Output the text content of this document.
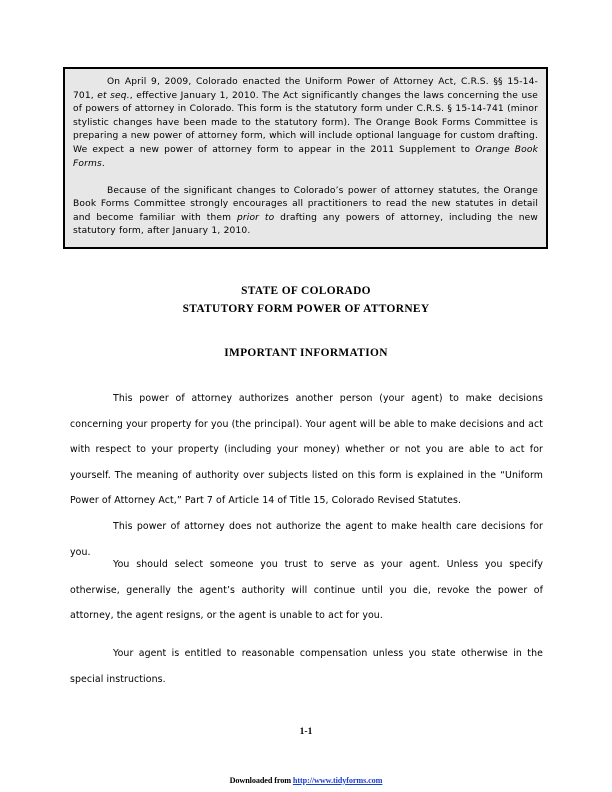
On April 9, 2009, Colorado enacted the Uniform Power of Attorney Act, C.R.S. §§ 15-14-701, et seq., effective January 1, 2010. The Act significantly changes the laws concerning the use of powers of attorney in Colorado. This form is the statutory form under C.R.S. § 15-14-741 (minor stylistic changes have been made to the statutory form). The Orange Book Forms Committee is preparing a new power of attorney form, which will include optional language for custom drafting. We expect a new power of attorney form to appear in the 2011 Supplement to Orange Book Forms.

Because of the significant changes to Colorado’s power of attorney statutes, the Orange Book Forms Committee strongly encourages all practitioners to read the new statutes in detail and become familiar with them prior to drafting any powers of attorney, including the new statutory form, after January 1, 2010.

STATE OF COLORADO
STATUTORY FORM POWER OF ATTORNEY
IMPORTANT INFORMATION

This power of attorney authorizes another person (your agent) to make decisions concerning your property for you (the principal). Your agent will be able to make decisions and act with respect to your property (including your money) whether or not you are able to act for yourself. The meaning of authority over subjects listed on this form is explained in the “Uniform Power of Attorney Act,” Part 7 of Article 14 of Title 15, Colorado Revised Statutes.

This power of attorney does not authorize the agent to make health care decisions for you.

You should select someone you trust to serve as your agent. Unless you specify otherwise, generally the agent’s authority will continue until you die, revoke the power of attorney, the agent resigns, or the agent is unable to act for you.

Your agent is entitled to reasonable compensation unless you state otherwise in the special instructions.

1-1
Downloaded from http://www.tidyforms.com
